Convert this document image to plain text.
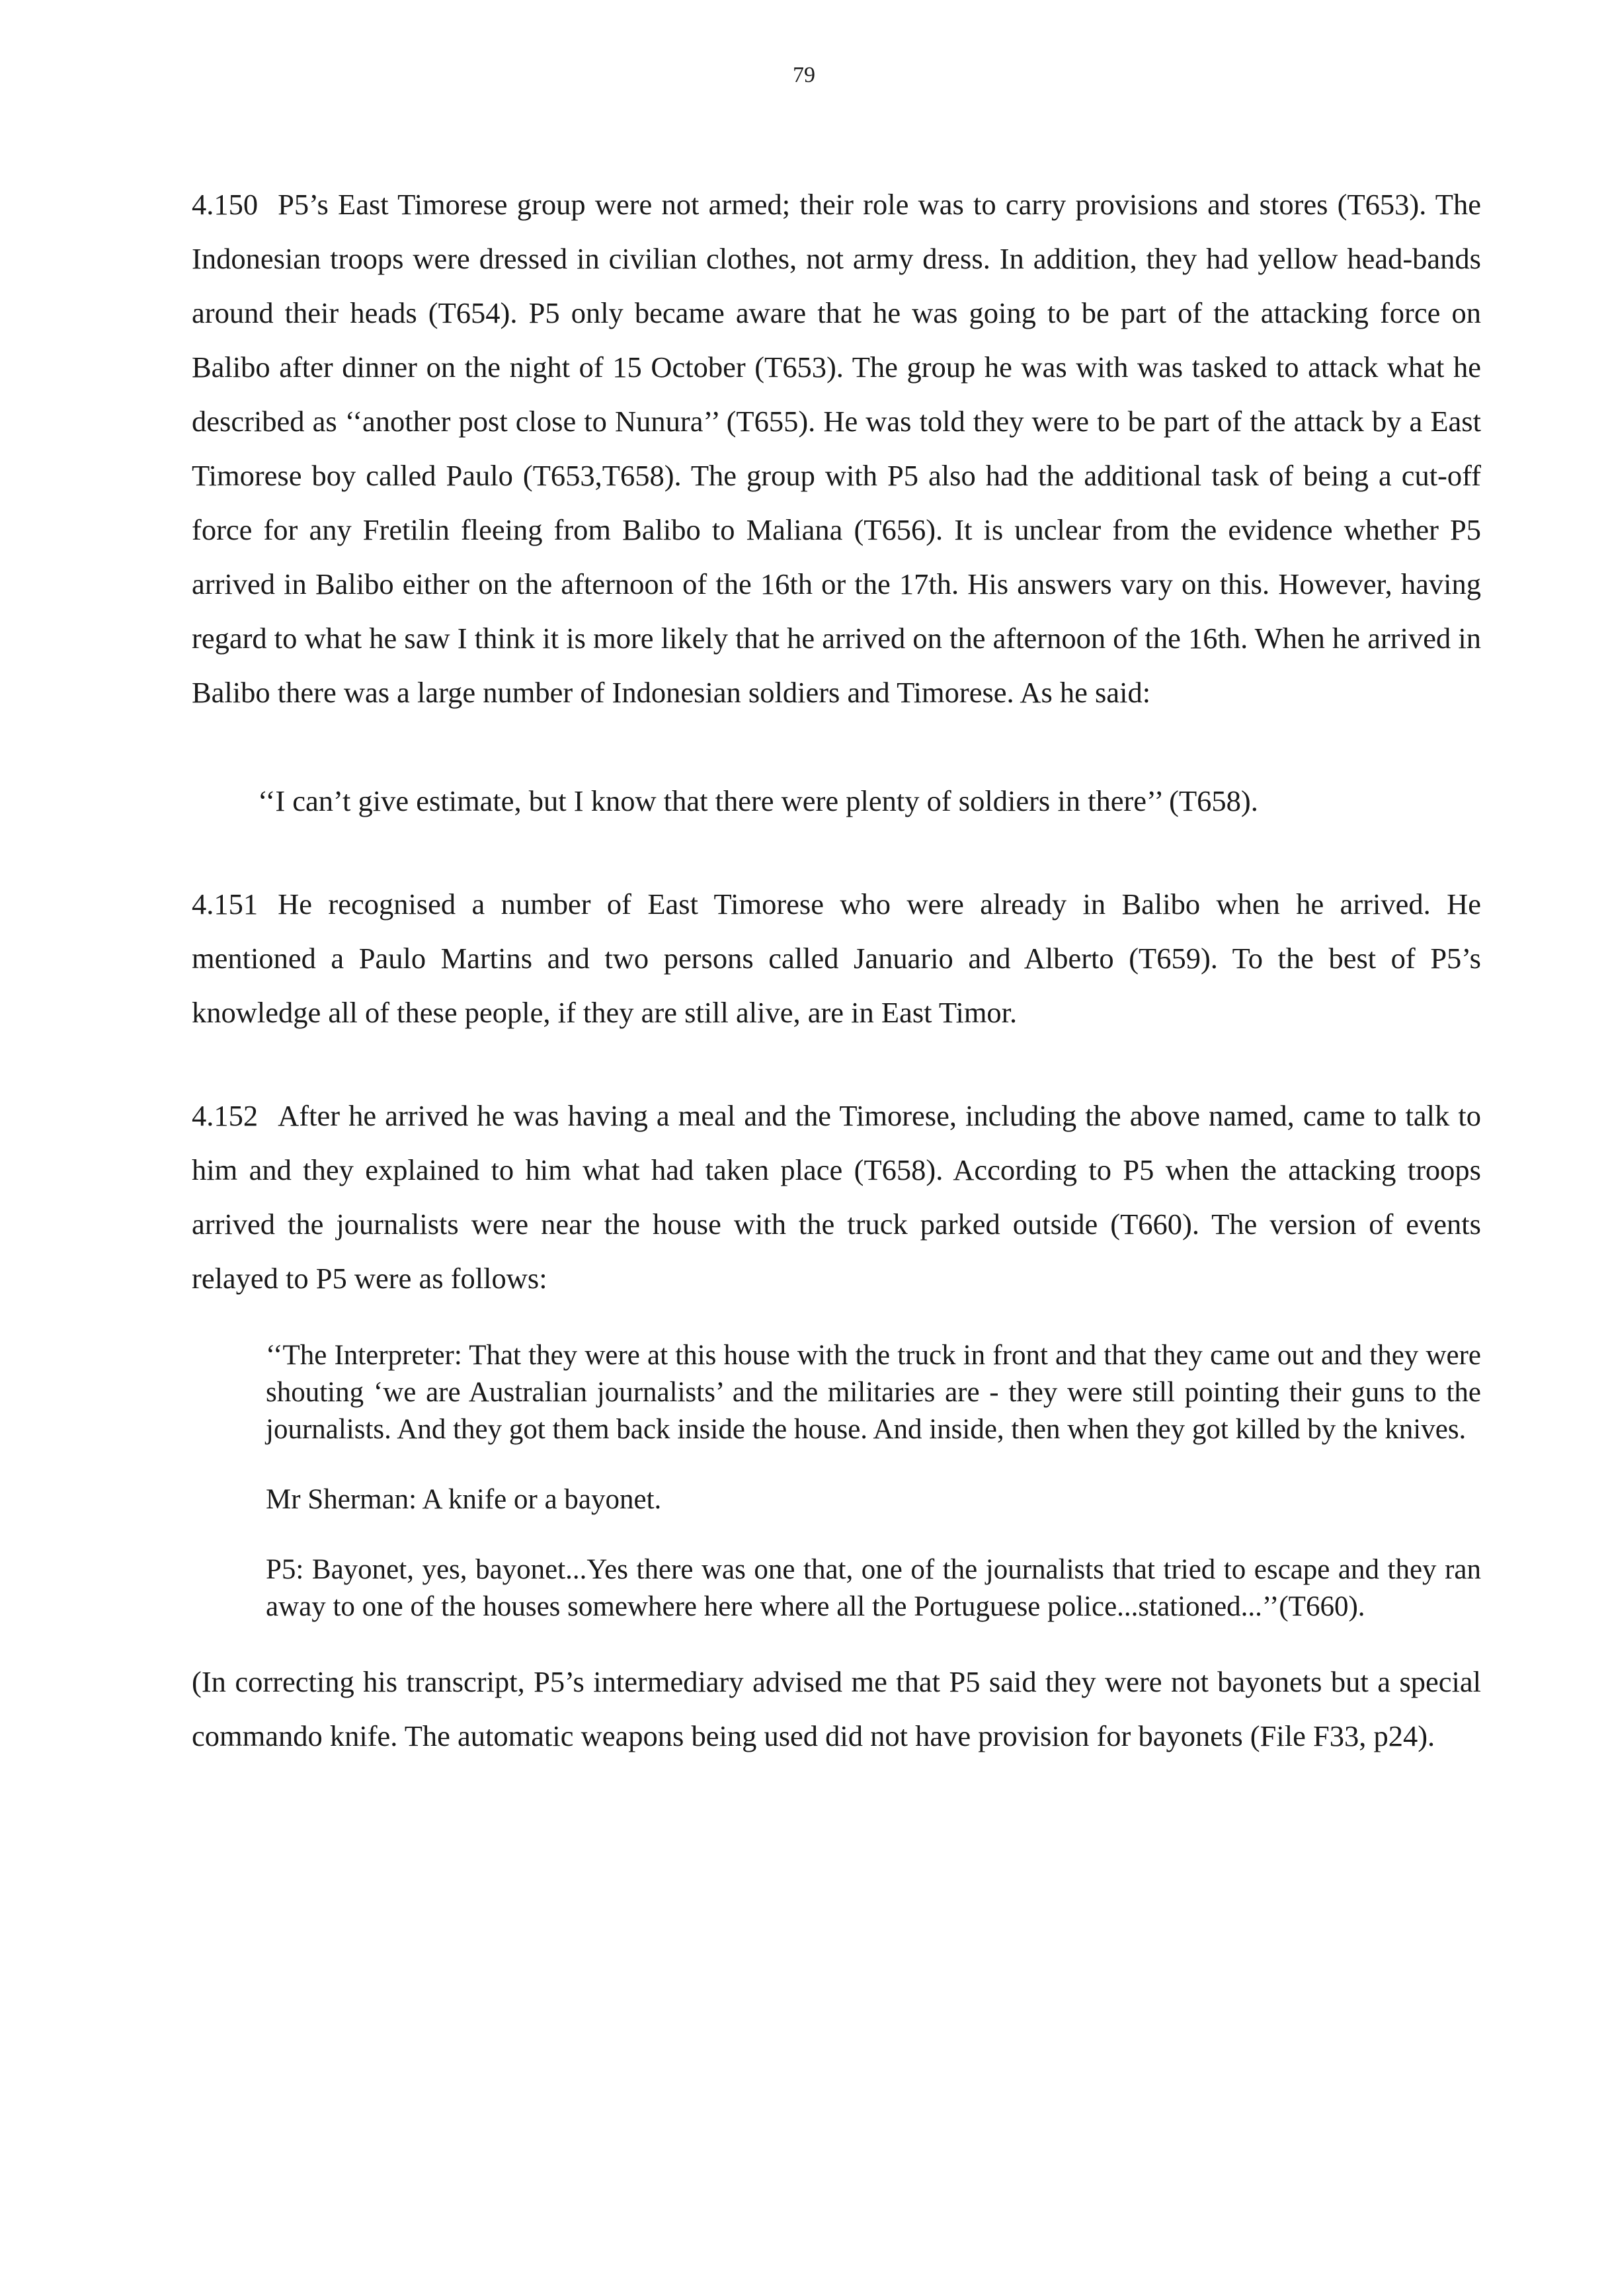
79

4.150 P5’s East Timorese group were not armed; their role was to carry provisions and stores (T653). The Indonesian troops were dressed in civilian clothes, not army dress. In addition, they had yellow head-bands around their heads (T654). P5 only became aware that he was going to be part of the attacking force on Balibo after dinner on the night of 15 October (T653). The group he was with was tasked to attack what he described as ‘‘another post close to Nunura’’ (T655). He was told they were to be part of the attack by a East Timorese boy called Paulo (T653,T658). The group with P5 also had the additional task of being a cut-off force for any Fretilin fleeing from Balibo to Maliana (T656). It is unclear from the evidence whether P5 arrived in Balibo either on the afternoon of the 16th or the 17th. His answers vary on this. However, having regard to what he saw I think it is more likely that he arrived on the afternoon of the 16th. When he arrived in Balibo there was a large number of Indonesian soldiers and Timorese. As he said:

‘‘I can’t give estimate, but I know that there were plenty of soldiers in there’’ (T658).

4.151 He recognised a number of East Timorese who were already in Balibo when he arrived. He mentioned a Paulo Martins and two persons called Januario and Alberto (T659). To the best of P5’s knowledge all of these people, if they are still alive, are in East Timor.

4.152 After he arrived he was having a meal and the Timorese, including the above named, came to talk to him and they explained to him what had taken place (T658). According to P5 when the attacking troops arrived the journalists were near the house with the truck parked outside (T660). The version of events relayed to P5 were as follows:

‘‘The Interpreter: That they were at this house with the truck in front and that they came out and they were shouting ‘we are Australian journalists’ and the militaries are - they were still pointing their guns to the journalists. And they got them back inside the house. And inside, then when they got killed by the knives.

Mr Sherman: A knife or a bayonet.

P5: Bayonet, yes, bayonet...Yes there was one that, one of the journalists that tried to escape and they ran away to one of the houses somewhere here where all the Portuguese police...stationed...’’(T660).

(In correcting his transcript, P5’s intermediary advised me that P5 said they were not bayonets but a special commando knife. The automatic weapons being used did not have provision for bayonets (File F33, p24).
